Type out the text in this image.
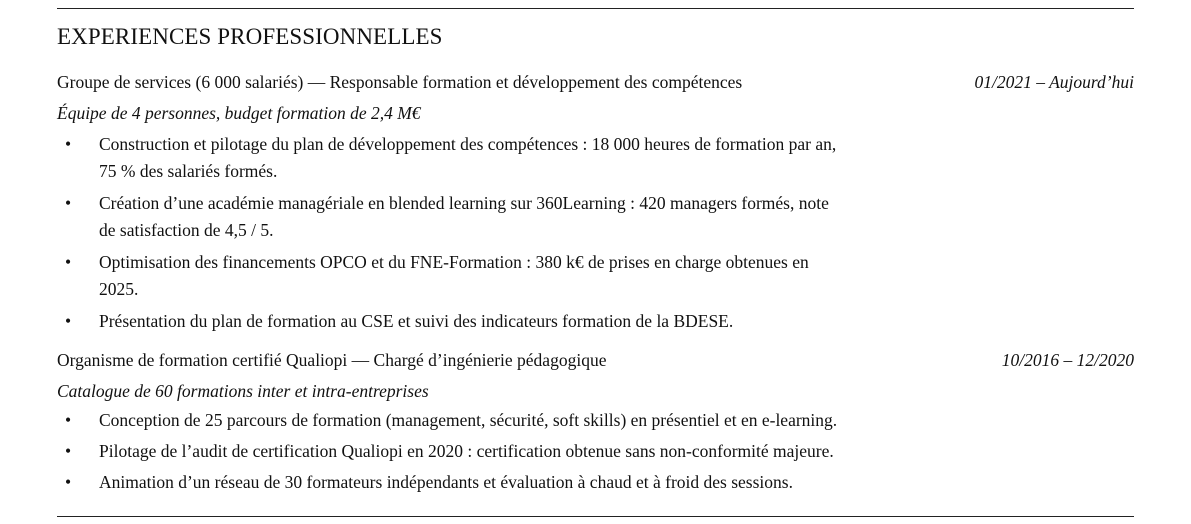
EXPERIENCES PROFESSIONNELLES
Groupe de services (6 000 salariés) — Responsable formation et développement des compétences	01/2021 – Aujourd’hui
Équipe de 4 personnes, budget formation de 2,4 M€
• Construction et pilotage du plan de développement des compétences : 18 000 heures de formation par an,
75 % des salariés formés.
• Création d’une académie managériale en blended learning sur 360Learning : 420 managers formés, note
de satisfaction de 4,5 / 5.
• Optimisation des financements OPCO et du FNE-Formation : 380 k€ de prises en charge obtenues en
2025.
• Présentation du plan de formation au CSE et suivi des indicateurs formation de la BDESE.
Organisme de formation certifié Qualiopi — Chargé d’ingénierie pédagogique	10/2016 – 12/2020
Catalogue de 60 formations inter et intra-entreprises
• Conception de 25 parcours de formation (management, sécurité, soft skills) en présentiel et en e-learning.
• Pilotage de l’audit de certification Qualiopi en 2020 : certification obtenue sans non-conformité majeure.
• Animation d’un réseau de 30 formateurs indépendants et évaluation à chaud et à froid des sessions.
